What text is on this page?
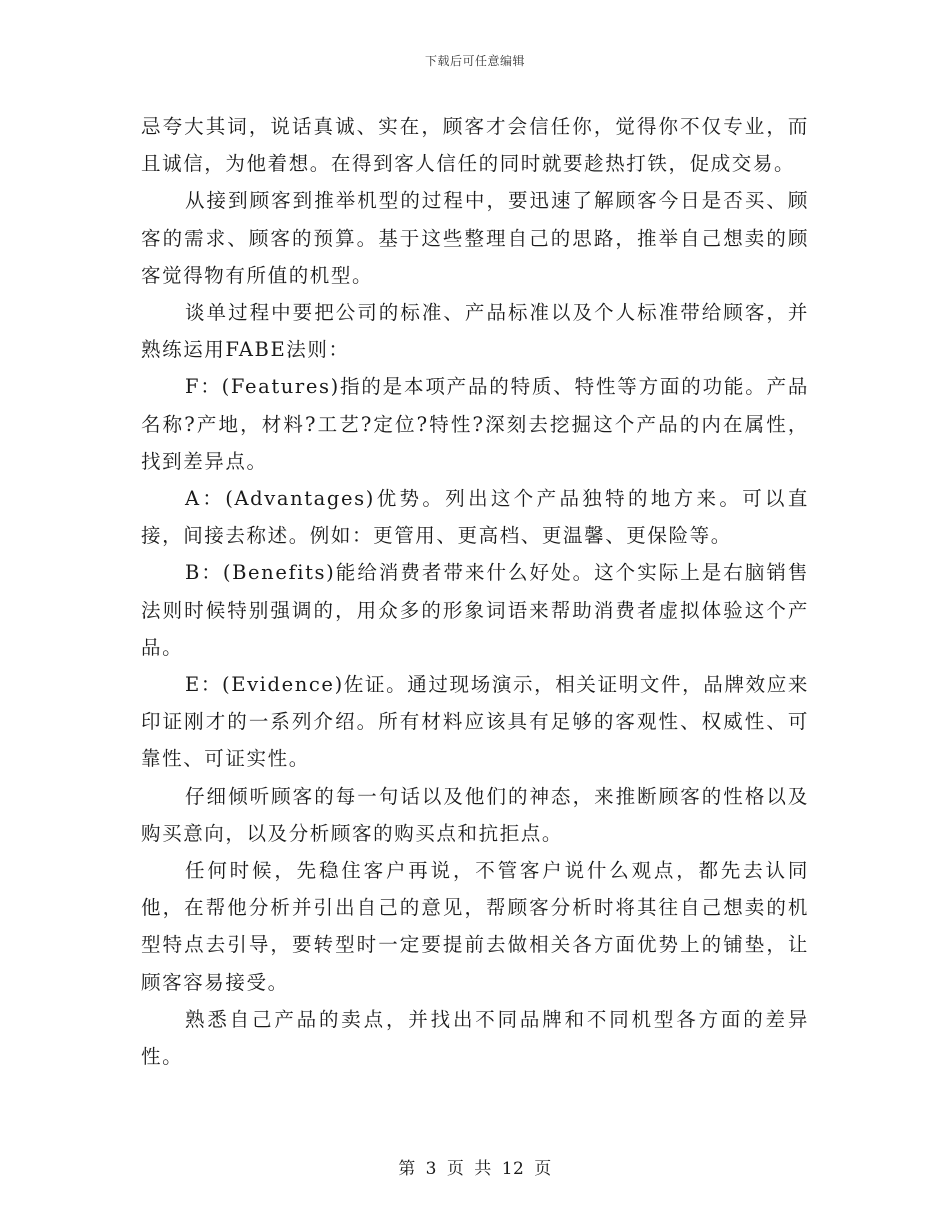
下载后可任意编辑

忌夸大其词，说话真诚、实在，顾客才会信任你，觉得你不仅专业，而且诚信，为他着想。在得到客人信任的同时就要趁热打铁，促成交易。

从接到顾客到推举机型的过程中，要迅速了解顾客今日是否买、顾客的需求、顾客的预算。基于这些整理自己的思路，推举自己想卖的顾客觉得物有所值的机型。

谈单过程中要把公司的标准、产品标准以及个人标准带给顾客，并熟练运用FABE法则：

F：(Features)指的是本项产品的特质、特性等方面的功能。产品名称?产地，材料?工艺?定位?特性?深刻去挖掘这个产品的内在属性，找到差异点。

A：(Advantages)优势。列出这个产品独特的地方来。可以直接，间接去称述。例如：更管用、更高档、更温馨、更保险等。

B：(Benefits)能给消费者带来什么好处。这个实际上是右脑销售法则时候特别强调的，用众多的形象词语来帮助消费者虚拟体验这个产品。

E：(Evidence)佐证。通过现场演示，相关证明文件，品牌效应来印证刚才的一系列介绍。所有材料应该具有足够的客观性、权威性、可靠性、可证实性。

仔细倾听顾客的每一句话以及他们的神态，来推断顾客的性格以及购买意向，以及分析顾客的购买点和抗拒点。

任何时候，先稳住客户再说，不管客户说什么观点，都先去认同他，在帮他分析并引出自己的意见，帮顾客分析时将其往自己想卖的机型特点去引导，要转型时一定要提前去做相关各方面优势上的铺垫，让顾客容易接受。

熟悉自己产品的卖点，并找出不同品牌和不同机型各方面的差异性。

第 3 页 共 12 页
